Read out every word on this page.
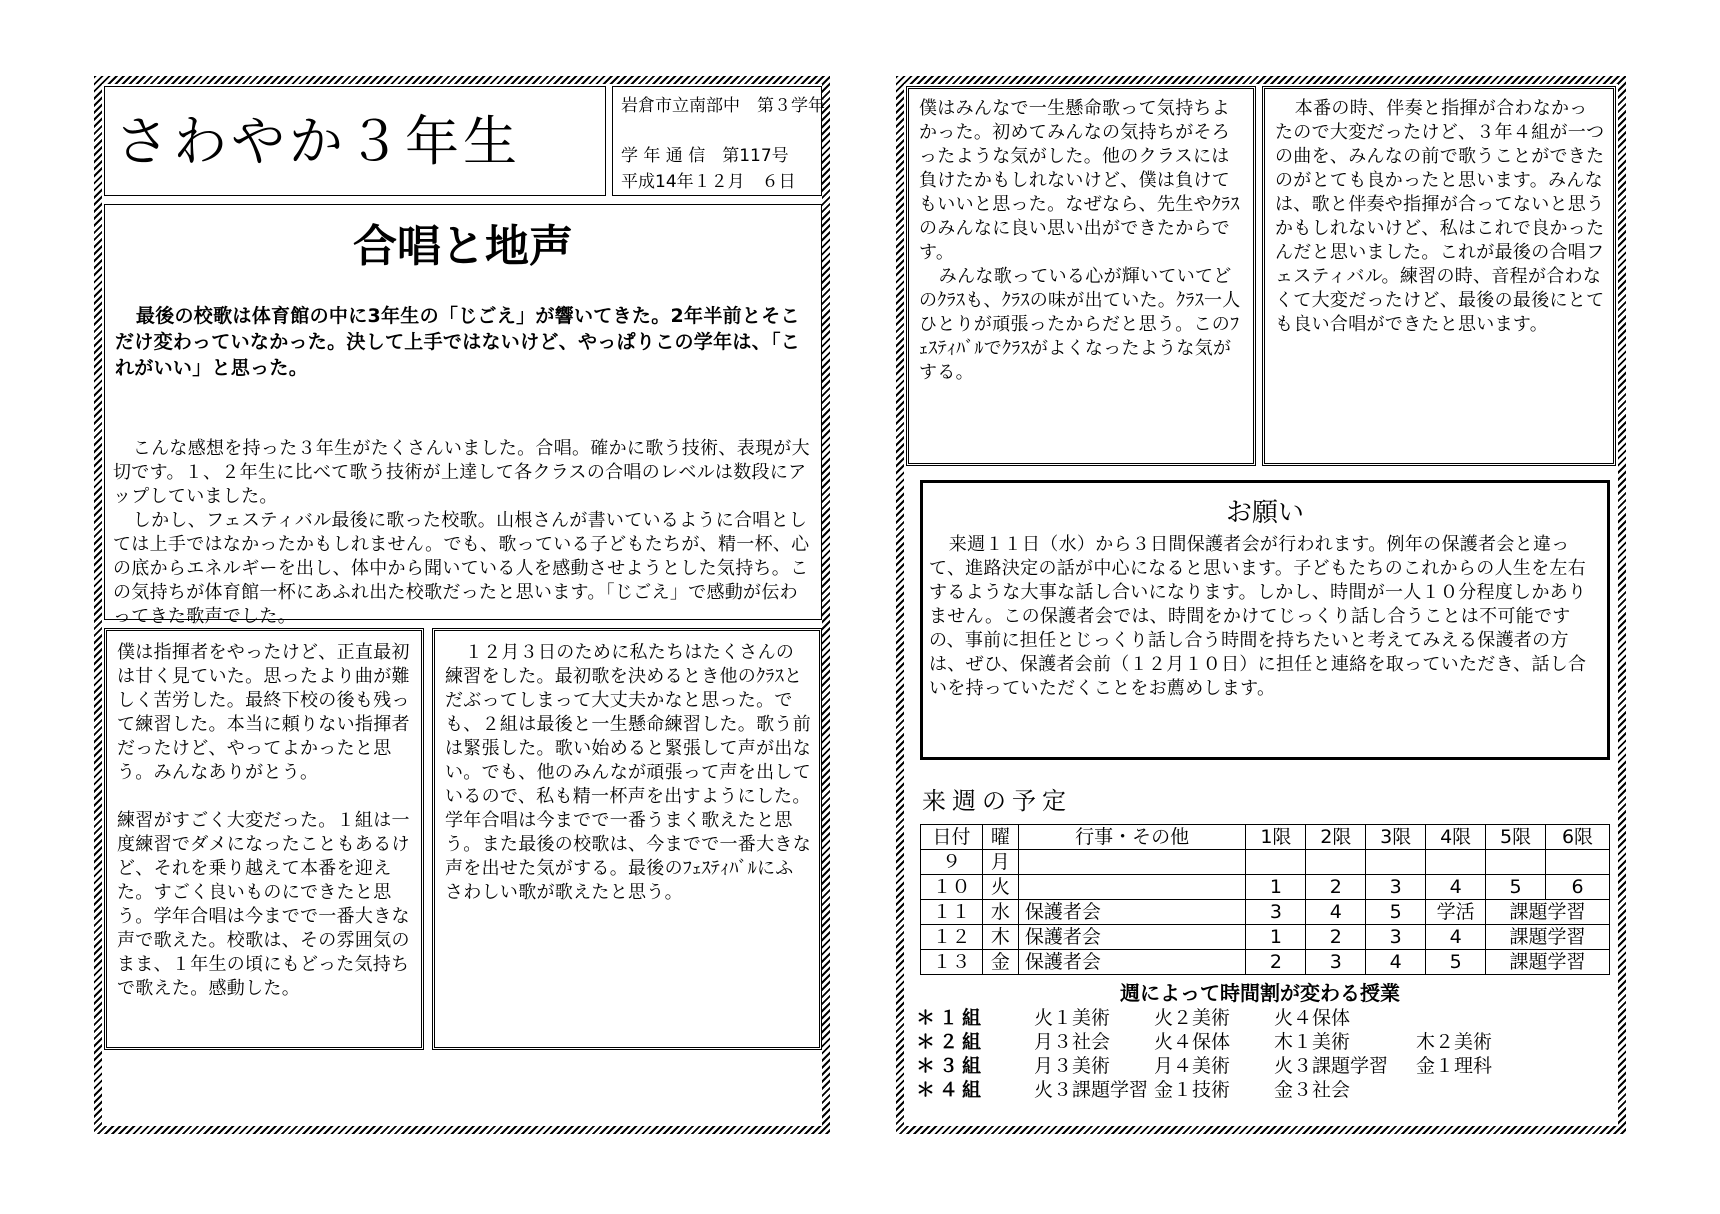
さわやか３年生
岩倉市立南部中　第３学年
学 年 通 信　第117号
平成14年１２月　６日
合唱と地声

最後の校歌は体育館の中に3年生の「じごえ」が響いてきた。2年半前とそこだけ変わっていなかった。決して上手ではないけど、やっぱりこの学年は、「これがいい」と思った。

こんな感想を持った３年生がたくさんいました。合唱。確かに歌う技術、表現が大切です。１、２年生に比べて歌う技術が上達して各クラスの合唱のレベルは数段にアップしていました。

しかし、フェスティバル最後に歌った校歌。山根さんが書いているように合唱としては上手ではなかったかもしれません。でも、歌っている子どもたちが、精一杯、心の底からエネルギーを出し、体中から聞いている人を感動させようとした気持ち。この気持ちが体育館一杯にあふれ出た校歌だったと思います。「じごえ」で感動が伝わってきた歌声でした。

僕は指揮者をやったけど、正直最初は甘く見ていた。思ったより曲が難しく苦労した。最終下校の後も残って練習した。本当に頼りない指揮者だったけど、やってよかったと思う。みんなありがとう。

練習がすごく大変だった。１組は一度練習でダメになったこともあるけど、それを乗り越えて本番を迎えた。すごく良いものにできたと思う。学年合唱は今までで一番大きな声で歌えた。校歌は、その雰囲気のまま、１年生の頃にもどった気持ちで歌えた。感動した。

１２月３日のために私たちはたくさんの練習をした。最初歌を決めるとき他のｸﾗｽとだぶってしまって大丈夫かなと思った。でも、２組は最後と一生懸命練習した。歌う前は緊張した。歌い始めると緊張して声が出ない。でも、他のみんなが頑張って声を出しているので、私も精一杯声を出すようにした。学年合唱は今までで一番うまく歌えたと思う。また最後の校歌は、今までで一番大きな声を出せた気がする。最後のﾌｪｽﾃｨﾊﾞﾙにふさわしい歌が歌えたと思う。

僕はみんなで一生懸命歌って気持ちよかった。初めてみんなの気持ちがそろったような気がした。他のクラスには負けたかもしれないけど、僕は負けてもいいと思った。なぜなら、先生やｸﾗｽのみんなに良い思い出ができたからです。

みんな歌っている心が輝いていてどのｸﾗｽも、ｸﾗｽの味が出ていた。ｸﾗｽ一人ひとりが頑張ったからだと思う。このﾌｪｽﾃｨﾊﾞﾙでｸﾗｽがよくなったような気がする。

本番の時、伴奏と指揮が合わなかったので大変だったけど、３年４組が一つの曲を、みんなの前で歌うことができたのがとても良かったと思います。みんなは、歌と伴奏や指揮が合ってないと思うかもしれないけど、私はこれで良かったんだと思いました。これが最後の合唱フェスティバル。練習の時、音程が合わなくて大変だったけど、最後の最後にとても良い合唱ができたと思います。

お願い

来週１１日（水）から３日間保護者会が行われます。例年の保護者会と違って、進路決定の話が中心になると思います。子どもたちのこれからの人生を左右するような大事な話し合いになります。しかし、時間が一人１０分程度しかありません。この保護者会では、時間をかけてじっくり話し合うことは不可能ですの、事前に担任とじっくり話し合う時間を持ちたいと考えてみえる保護者の方は、ぜひ、保護者会前（１２月１０日）に担任と連絡を取っていただき、話し合いを持っていただくことをお薦めします。

来週の予定
日付	曜	行事・その他	1限	2限	3限	4限	5限	6限
９	月							
１０	火		1	2	3	4	5	6
１１	水	保護者会	3	4	5	学活	課題学習	
１２	木	保護者会	1	2	3	4	課題学習	
１３	金	保護者会	2	3	4	5	課題学習	
週によって時間割が変わる授業
＊１組	火１美術	火２美術	火４保体
＊２組	月３社会	火４保体	木１美術	木２美術
＊３組	月３美術	月４美術	火３課題学習	金１理科
＊４組	火３課題学習 金１技術	金３社会
